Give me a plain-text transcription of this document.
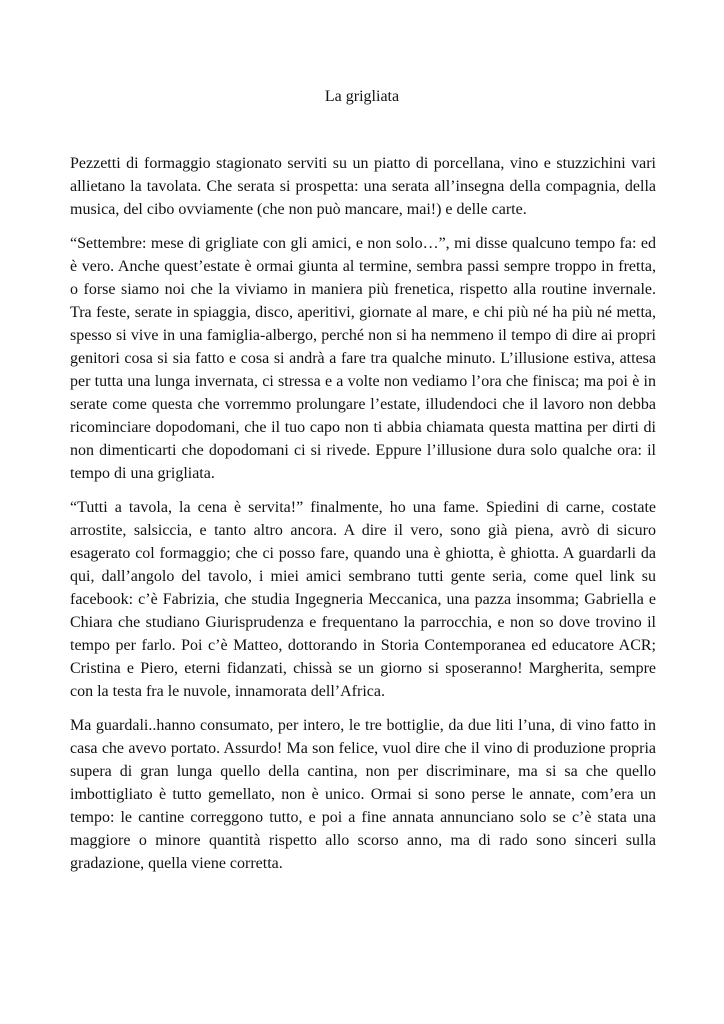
La grigliata

Pezzetti di formaggio stagionato serviti su un piatto di porcellana, vino e stuzzichini vari allietano la tavolata. Che serata si prospetta: una serata all’insegna della compagnia, della musica, del cibo ovviamente (che non può mancare, mai!) e delle carte.

“Settembre: mese di grigliate con gli amici, e non solo…”, mi disse qualcuno tempo fa: ed è vero. Anche quest’estate è ormai giunta al termine, sembra passi sempre troppo in fretta, o forse siamo noi che la viviamo in maniera più frenetica, rispetto alla routine invernale. Tra feste, serate in spiaggia, disco, aperitivi, giornate al mare, e chi più né ha più né metta, spesso si vive in una famiglia-albergo, perché non si ha nemmeno il tempo di dire ai propri genitori cosa si sia fatto e cosa si andrà a fare tra qualche minuto. L’illusione estiva, attesa per tutta una lunga invernata, ci stressa e a volte non vediamo l’ora che finisca; ma poi è in serate come questa che vorremmo prolungare l’estate, illudendoci che il lavoro non debba ricominciare dopodomani, che il tuo capo non ti abbia chiamata questa mattina per dirti di non dimenticarti che dopodomani ci si rivede. Eppure l’illusione dura solo qualche ora: il tempo di una grigliata.

“Tutti a tavola, la cena è servita!” finalmente, ho una fame. Spiedini di carne, costate arrostite, salsiccia, e tanto altro ancora. A dire il vero, sono già piena, avrò di sicuro esagerato col formaggio; che ci posso fare, quando una è ghiotta, è ghiotta. A guardarli da qui, dall’angolo del tavolo, i miei amici sembrano tutti gente seria, come quel link su facebook: c’è Fabrizia, che studia Ingegneria Meccanica, una pazza insomma; Gabriella e Chiara che studiano Giurisprudenza e frequentano la parrocchia, e non so dove trovino il tempo per farlo. Poi c’è Matteo, dottorando in Storia Contemporanea ed educatore ACR; Cristina e Piero, eterni fidanzati, chissà se un giorno si sposeranno! Margherita, sempre con la testa fra le nuvole, innamorata dell’Africa.

Ma guardali..hanno consumato, per intero, le tre bottiglie, da due liti l’una, di vino fatto in casa che avevo portato. Assurdo! Ma son felice, vuol dire che il vino di produzione propria supera di gran lunga quello della cantina, non per discriminare, ma si sa che quello imbottigliato è tutto gemellato, non è unico. Ormai si sono perse le annate, com’era un tempo: le cantine correggono tutto, e poi a fine annata annunciano solo se c’è stata una maggiore o minore quantità rispetto allo scorso anno, ma di rado sono sinceri sulla gradazione, quella viene corretta.
